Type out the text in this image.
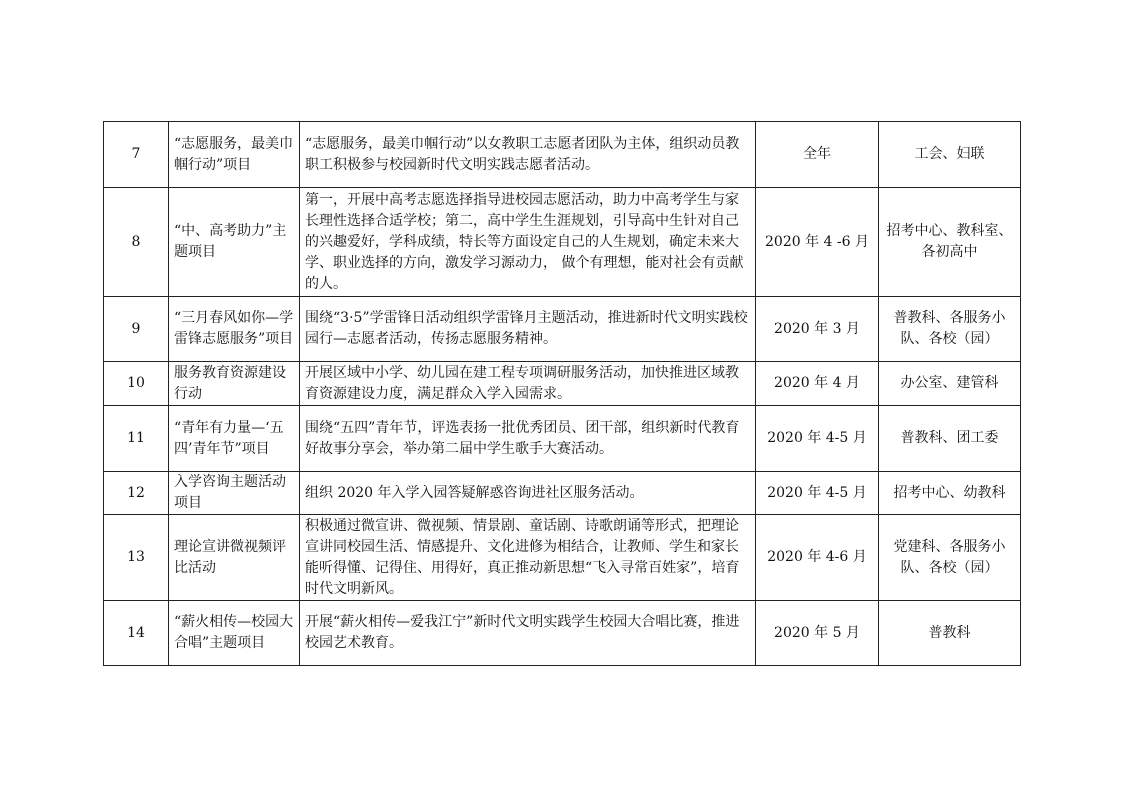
7	“志愿服务，最美巾帼行动”项目	“志愿服务，最美巾帼行动”以女教职工志愿者团队为主体，组织动员教职工积极参与校园新时代文明实践志愿者活动。	全年	工会、妇联
8	“中、高考助力”主题项目	第一，开展中高考志愿选择指导进校园志愿活动，助力中高考学生与家长理性选择合适学校；第二，高中学生生涯规划，引导高中生针对自己的兴趣爱好，学科成绩，特长等方面设定自己的人生规划，确定未来大学、职业选择的方向，激发学习源动力， 做个有理想，能对社会有贡献的人。	2020 年 4 -6 月	招考中心、教科室、各初高中
9	“三月春风如你—学雷锋志愿服务”项目	围绕“3·5”学雷锋日活动组织学雷锋月主题活动，推进新时代文明实践校园行—志愿者活动，传扬志愿服务精神。	2020 年 3 月	普教科、各服务小队、各校（园）
10	服务教育资源建设行动	开展区域中小学、幼儿园在建工程专项调研服务活动，加快推进区域教育资源建设力度，满足群众入学入园需求。	2020 年 4 月	办公室、建管科
11	“青年有力量—‘五四’青年节”项目	围绕“五四”青年节，评选表扬一批优秀团员、团干部，组织新时代教育好故事分享会，举办第二届中学生歌手大赛活动。	2020 年 4-5 月	普教科、团工委
12	入学咨询主题活动项目	组织 2020 年入学入园答疑解惑咨询进社区服务活动。	2020 年 4-5 月	招考中心、幼教科
13	理论宣讲微视频评比活动	积极通过微宣讲、微视频、情景剧、童话剧、诗歌朗诵等形式，把理论宣讲同校园生活、情感提升、文化进修为相结合，让教师、学生和家长能听得懂、记得住、用得好，真正推动新思想“飞入寻常百姓家”，培育时代文明新风。	2020 年 4-6 月	党建科、各服务小队、各校（园）
14	“薪火相传—校园大合唱”主题项目	开展“薪火相传—爱我江宁”新时代文明实践学生校园大合唱比赛，推进校园艺术教育。	2020 年 5 月	普教科
